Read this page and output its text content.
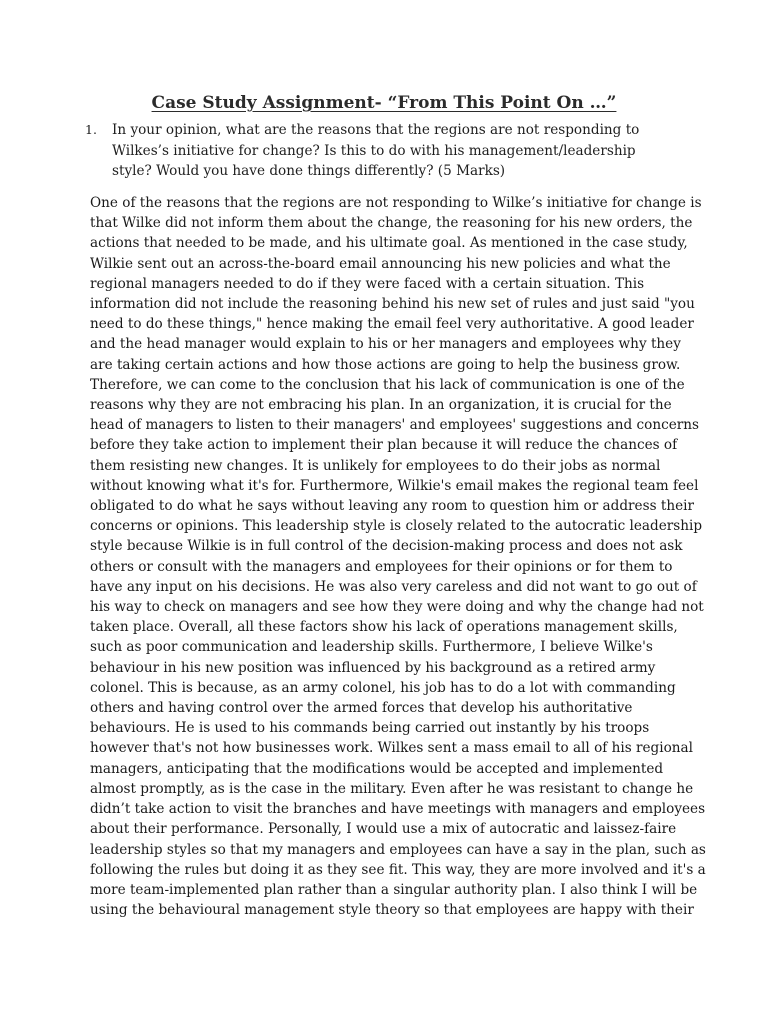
Case Study Assignment- “From This Point On …”
1. In your opinion, what are the reasons that the regions are not responding to
Wilkes’s initiative for change? Is this to do with his management/leadership
style? Would you have done things differently? (5 Marks)
One of the reasons that the regions are not responding to Wilke’s initiative for change is
that Wilke did not inform them about the change, the reasoning for his new orders, the
actions that needed to be made, and his ultimate goal. As mentioned in the case study,
Wilkie sent out an across-the-board email announcing his new policies and what the
regional managers needed to do if they were faced with a certain situation. This
information did not include the reasoning behind his new set of rules and just said "you
need to do these things," hence making the email feel very authoritative. A good leader
and the head manager would explain to his or her managers and employees why they
are taking certain actions and how those actions are going to help the business grow.
Therefore, we can come to the conclusion that his lack of communication is one of the
reasons why they are not embracing his plan. In an organization, it is crucial for the
head of managers to listen to their managers' and employees' suggestions and concerns
before they take action to implement their plan because it will reduce the chances of
them resisting new changes. It is unlikely for employees to do their jobs as normal
without knowing what it's for. Furthermore, Wilkie's email makes the regional team feel
obligated to do what he says without leaving any room to question him or address their
concerns or opinions. This leadership style is closely related to the autocratic leadership
style because Wilkie is in full control of the decision-making process and does not ask
others or consult with the managers and employees for their opinions or for them to
have any input on his decisions. He was also very careless and did not want to go out of
his way to check on managers and see how they were doing and why the change had not
taken place. Overall, all these factors show his lack of operations management skills,
such as poor communication and leadership skills. Furthermore, I believe Wilke's
behaviour in his new position was influenced by his background as a retired army
colonel. This is because, as an army colonel, his job has to do a lot with commanding
others and having control over the armed forces that develop his authoritative
behaviours. He is used to his commands being carried out instantly by his troops
however that's not how businesses work. Wilkes sent a mass email to all of his regional
managers, anticipating that the modifications would be accepted and implemented
almost promptly, as is the case in the military. Even after he was resistant to change he
didn’t take action to visit the branches and have meetings with managers and employees
about their performance. Personally, I would use a mix of autocratic and laissez-faire
leadership styles so that my managers and employees can have a say in the plan, such as
following the rules but doing it as they see fit. This way, they are more involved and it's a
more team-implemented plan rather than a singular authority plan. I also think I will be
using the behavioural management style theory so that employees are happy with their
